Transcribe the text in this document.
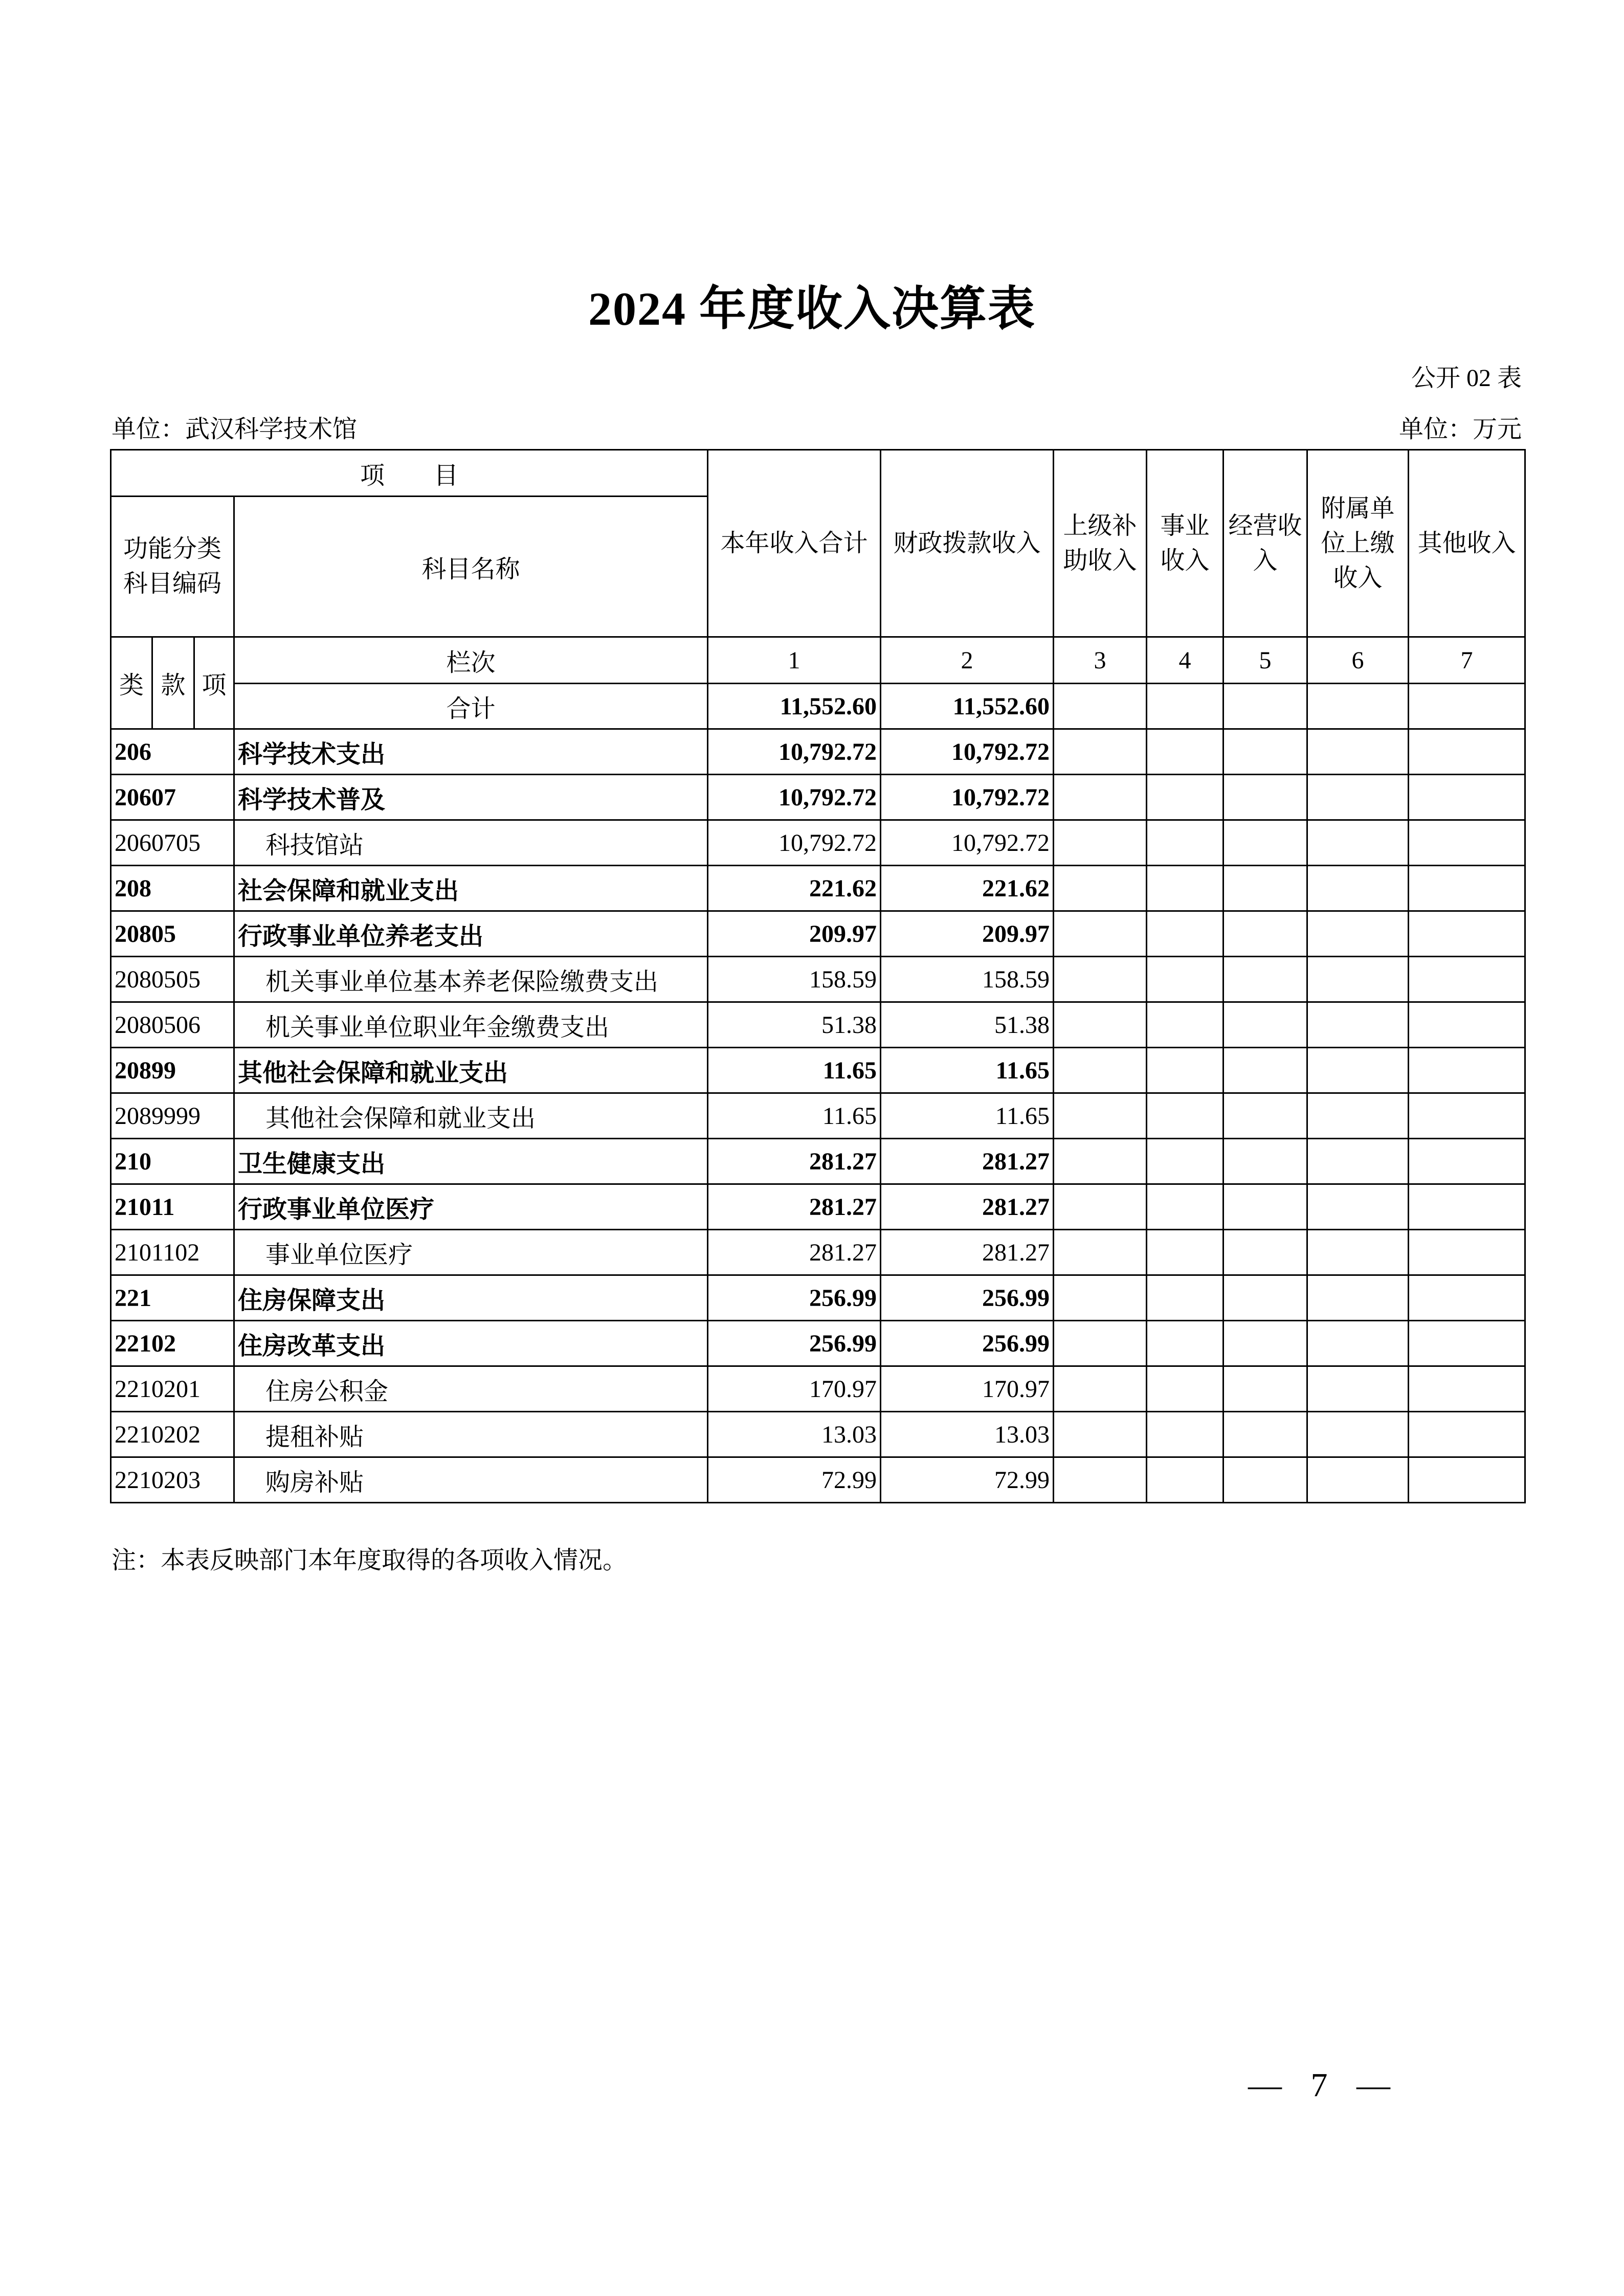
2024 年度收入决算表
公开 02 表
单位：武汉科学技术馆	单位：万元
项　　目				本年收入合计	财政拨款收入	上级补助收入	事业收入	经营收入	附属单位上缴收入	其他收入
功能分类科目编码			科目名称							
类	款	项	栏次	1	2	3	4	5	6	7
			合计	11,552.60	11,552.60					
206			科学技术支出	10,792.72	10,792.72					
20607			科学技术普及	10,792.72	10,792.72					
2060705			科技馆站	10,792.72	10,792.72					
208			社会保障和就业支出	221.62	221.62					
20805			行政事业单位养老支出	209.97	209.97					
2080505			机关事业单位基本养老保险缴费支出	158.59	158.59					
2080506			机关事业单位职业年金缴费支出	51.38	51.38					
20899			其他社会保障和就业支出	11.65	11.65					
2089999			其他社会保障和就业支出	11.65	11.65					
210			卫生健康支出	281.27	281.27					
21011			行政事业单位医疗	281.27	281.27					
2101102			事业单位医疗	281.27	281.27					
221			住房保障支出	256.99	256.99					
22102			住房改革支出	256.99	256.99					
2210201			住房公积金	170.97	170.97					
2210202			提租补贴	13.03	13.03					
2210203			购房补贴	72.99	72.99					
注：本表反映部门本年度取得的各项收入情况。
— 7 —
